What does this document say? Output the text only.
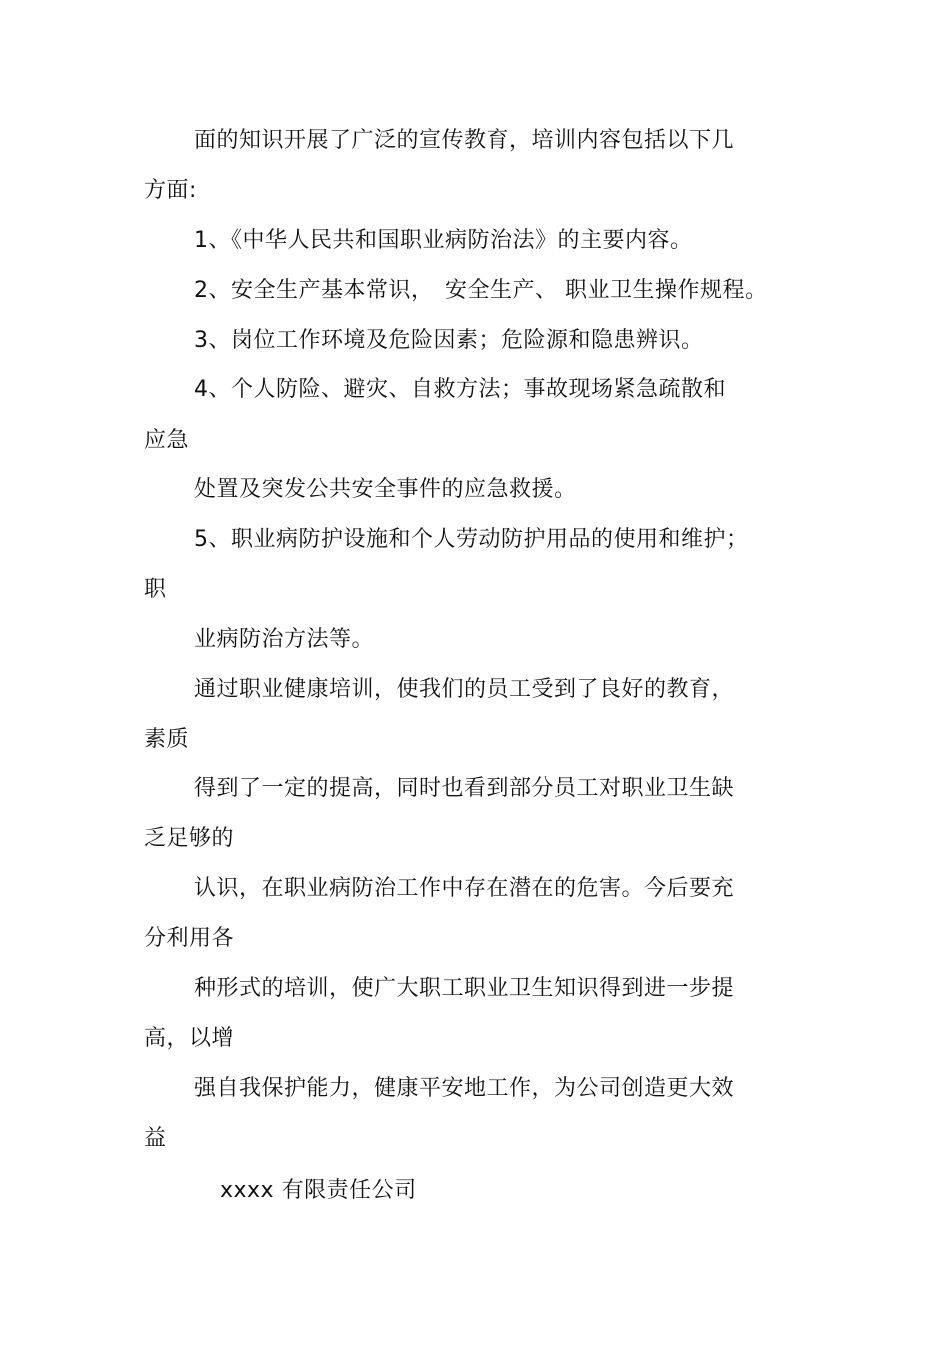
面的知识开展了广泛的宣传教育，培训内容包括以下几
方面:
1、《中华人民共和国职业病防治法》的主要内容。
2、安全生产基本常识，　安全生产、 职业卫生操作规程。
3、岗位工作环境及危险因素；危险源和隐患辨识。
4、个人防险、避灾、自救方法；事故现场紧急疏散和
应急
处置及突发公共安全事件的应急救援。
5、职业病防护设施和个人劳动防护用品的使用和维护；
职
业病防治方法等。
通过职业健康培训，使我们的员工受到了良好的教育，
素质
得到了一定的提高，同时也看到部分员工对职业卫生缺
乏足够的
认识，在职业病防治工作中存在潜在的危害。今后要充
分利用各
种形式的培训，使广大职工职业卫生知识得到进一步提
高，以增
强自我保护能力，健康平安地工作，为公司创造更大效
益
xxxx 有限责任公司
